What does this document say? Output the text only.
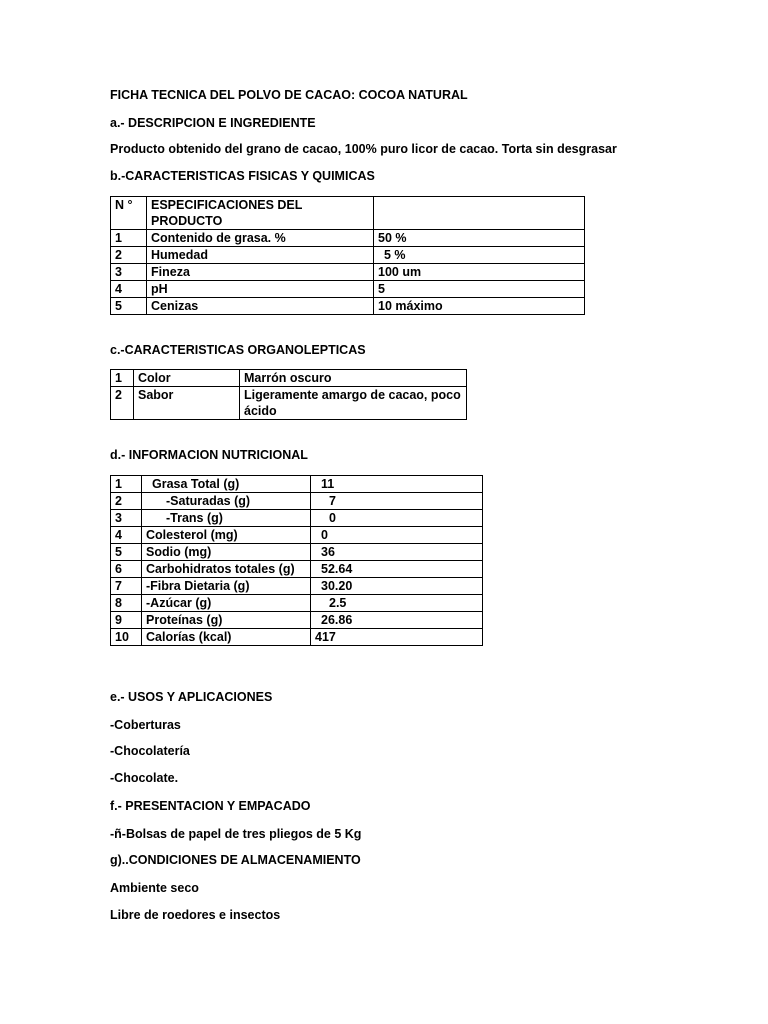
FICHA TECNICA DEL POLVO DE CACAO: COCOA NATURAL
a.- DESCRIPCION E INGREDIENTE
Producto obtenido del grano de cacao, 100% puro licor de cacao. Torta sin desgrasar
b.-CARACTERISTICAS FISICAS Y QUIMICAS
N °	ESPECIFICACIONES DEL PRODUCTO	
1	Contenido de grasa. %	50 %
2	Humedad	5 %
3	Fineza	100 um
4	pH	5
5	Cenizas	10 máximo
c.-CARACTERISTICAS ORGANOLEPTICAS
1	Color	Marrón oscuro
2	Sabor	Ligeramente amargo de cacao, poco ácido
d.- INFORMACION NUTRICIONAL
1	Grasa Total (g)	11
2	-Saturadas (g)	7
3	-Trans (g)	0
4	Colesterol (mg)	0
5	Sodio (mg)	36
6	Carbohidratos totales (g)	52.64
7	-Fibra Dietaria (g)	30.20
8	-Azúcar (g)	2.5
9	Proteínas (g)	26.86
10	Calorías (kcal)	417
e.- USOS Y APLICACIONES
-Coberturas
-Chocolatería
-Chocolate.
f.- PRESENTACION Y EMPACADO
-ñ-Bolsas de papel de tres pliegos de 5 Kg
g)..CONDICIONES DE ALMACENAMIENTO
Ambiente seco
Libre de roedores e insectos
